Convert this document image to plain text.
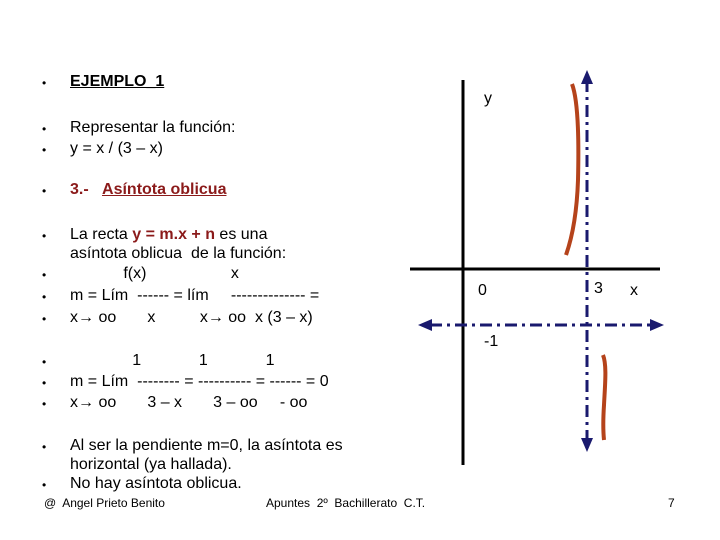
•
•
•
•
•
•
•
•
•
•
•
•
•
EJEMPLO_1
Representar la función:
y = x / (3 – x)
3.- Asíntota oblicua
La recta y = m.x + n es una
asíntota oblicua  de la función:
f(x)                   x
m = Lím  ------ = lím     -------------- =
x→ oo       x          x→ oo  x (3 – x)
1             1             1
m = Lím  -------- = ---------- = ------ = 0
x→ oo       3 – x       3 – oo     - oo
Al ser la pendiente m=0, la asíntota es
horizontal (ya hallada).
No hay asíntota oblicua.
y
x
0	3
-1
@  Angel Prieto Benito	Apuntes  2º  Bachillerato  C.T.	7
